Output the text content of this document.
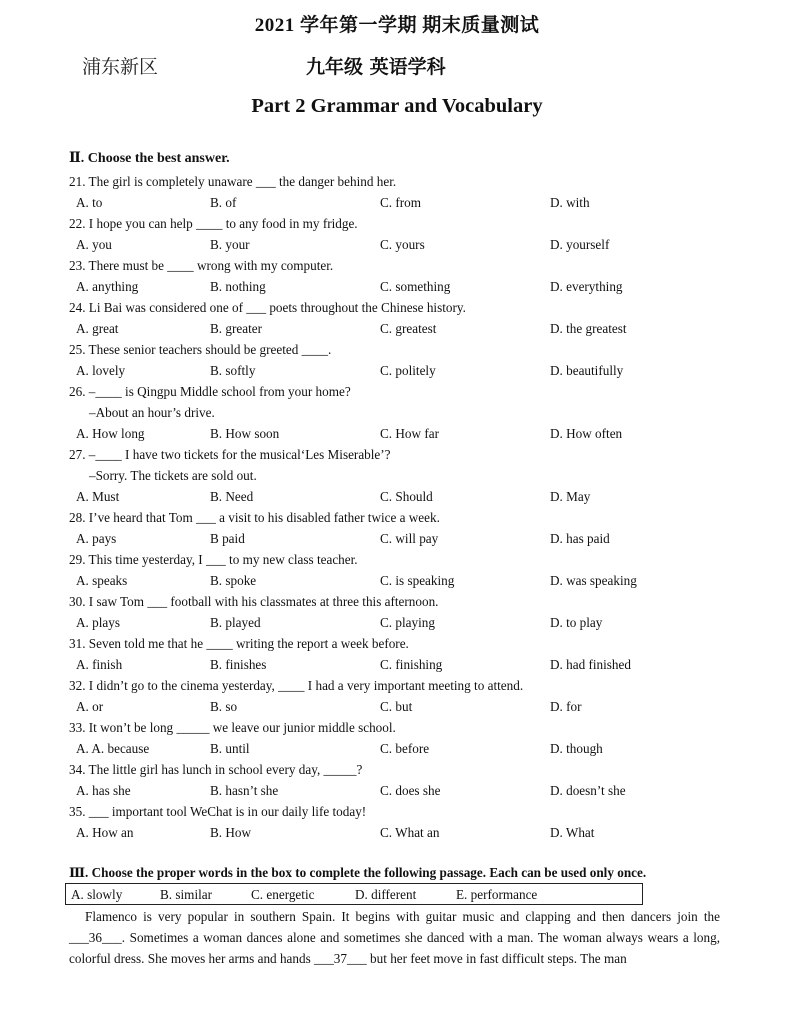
2021 学年第一学期 期末质量测试
浦东新区	九年级 英语学科
Part 2 Grammar and Vocabulary
Ⅱ. Choose the best answer.
21. The girl is completely unaware ___ the danger behind her.
A. to	B. of	C. from	D. with
22. I hope you can help ____ to any food in my fridge.
A. you	B. your	C. yours	D. yourself
23. There must be ____ wrong with my computer.
A. anything	B. nothing	C. something	D. everything
24. Li Bai was considered one of ___ poets throughout the Chinese history.
A. great	B. greater	C. greatest	D. the greatest
25. These senior teachers should be greeted ____.
A. lovely	B. softly	C. politely	D. beautifully
26. –____ is Qingpu Middle school from your home?
–About an hour’s drive.
A. How long	B. How soon	C. How far	D. How often
27. –____ I have two tickets for the musical‘Les Miserable’?
–Sorry. The tickets are sold out.
A. Must	B. Need	C. Should	D. May
28. I’ve heard that Tom ___ a visit to his disabled father twice a week.
A. pays	B paid	C. will pay	D. has paid
29. This time yesterday, I ___ to my new class teacher.
A. speaks	B. spoke	C. is speaking	D. was speaking
30. I saw Tom ___ football with his classmates at three this afternoon.
A. plays	B. played	C. playing	D. to play
31. Seven told me that he ____ writing the report a week before.
A. finish	B. finishes	C. finishing	D. had finished
32. I didn’t go to the cinema yesterday, ____ I had a very important meeting to attend.
A. or	B. so	C. but	D. for
33. It won’t be long _____ we leave our junior middle school.
A. A. because	B. until	C. before	D. though
34. The little girl has lunch in school every day, _____?
A. has she	B. hasn’t she	C. does she	D. doesn’t she
35. ___ important tool WeChat is in our daily life today!
A. How an	B. How	C. What an	D. What
Ⅲ. Choose the proper words in the box to complete the following passage. Each can be used only once.
A. slowly	B. similar	C. energetic	D. different	E. performance
Flamenco is very popular in southern Spain. It begins with guitar music and clapping and then dancers join the ___36___. Sometimes a woman dances alone and sometimes she danced with a man. The woman always wears a long, colorful dress. She moves her arms and hands ___37___ but her feet move in fast difficult steps. The man
